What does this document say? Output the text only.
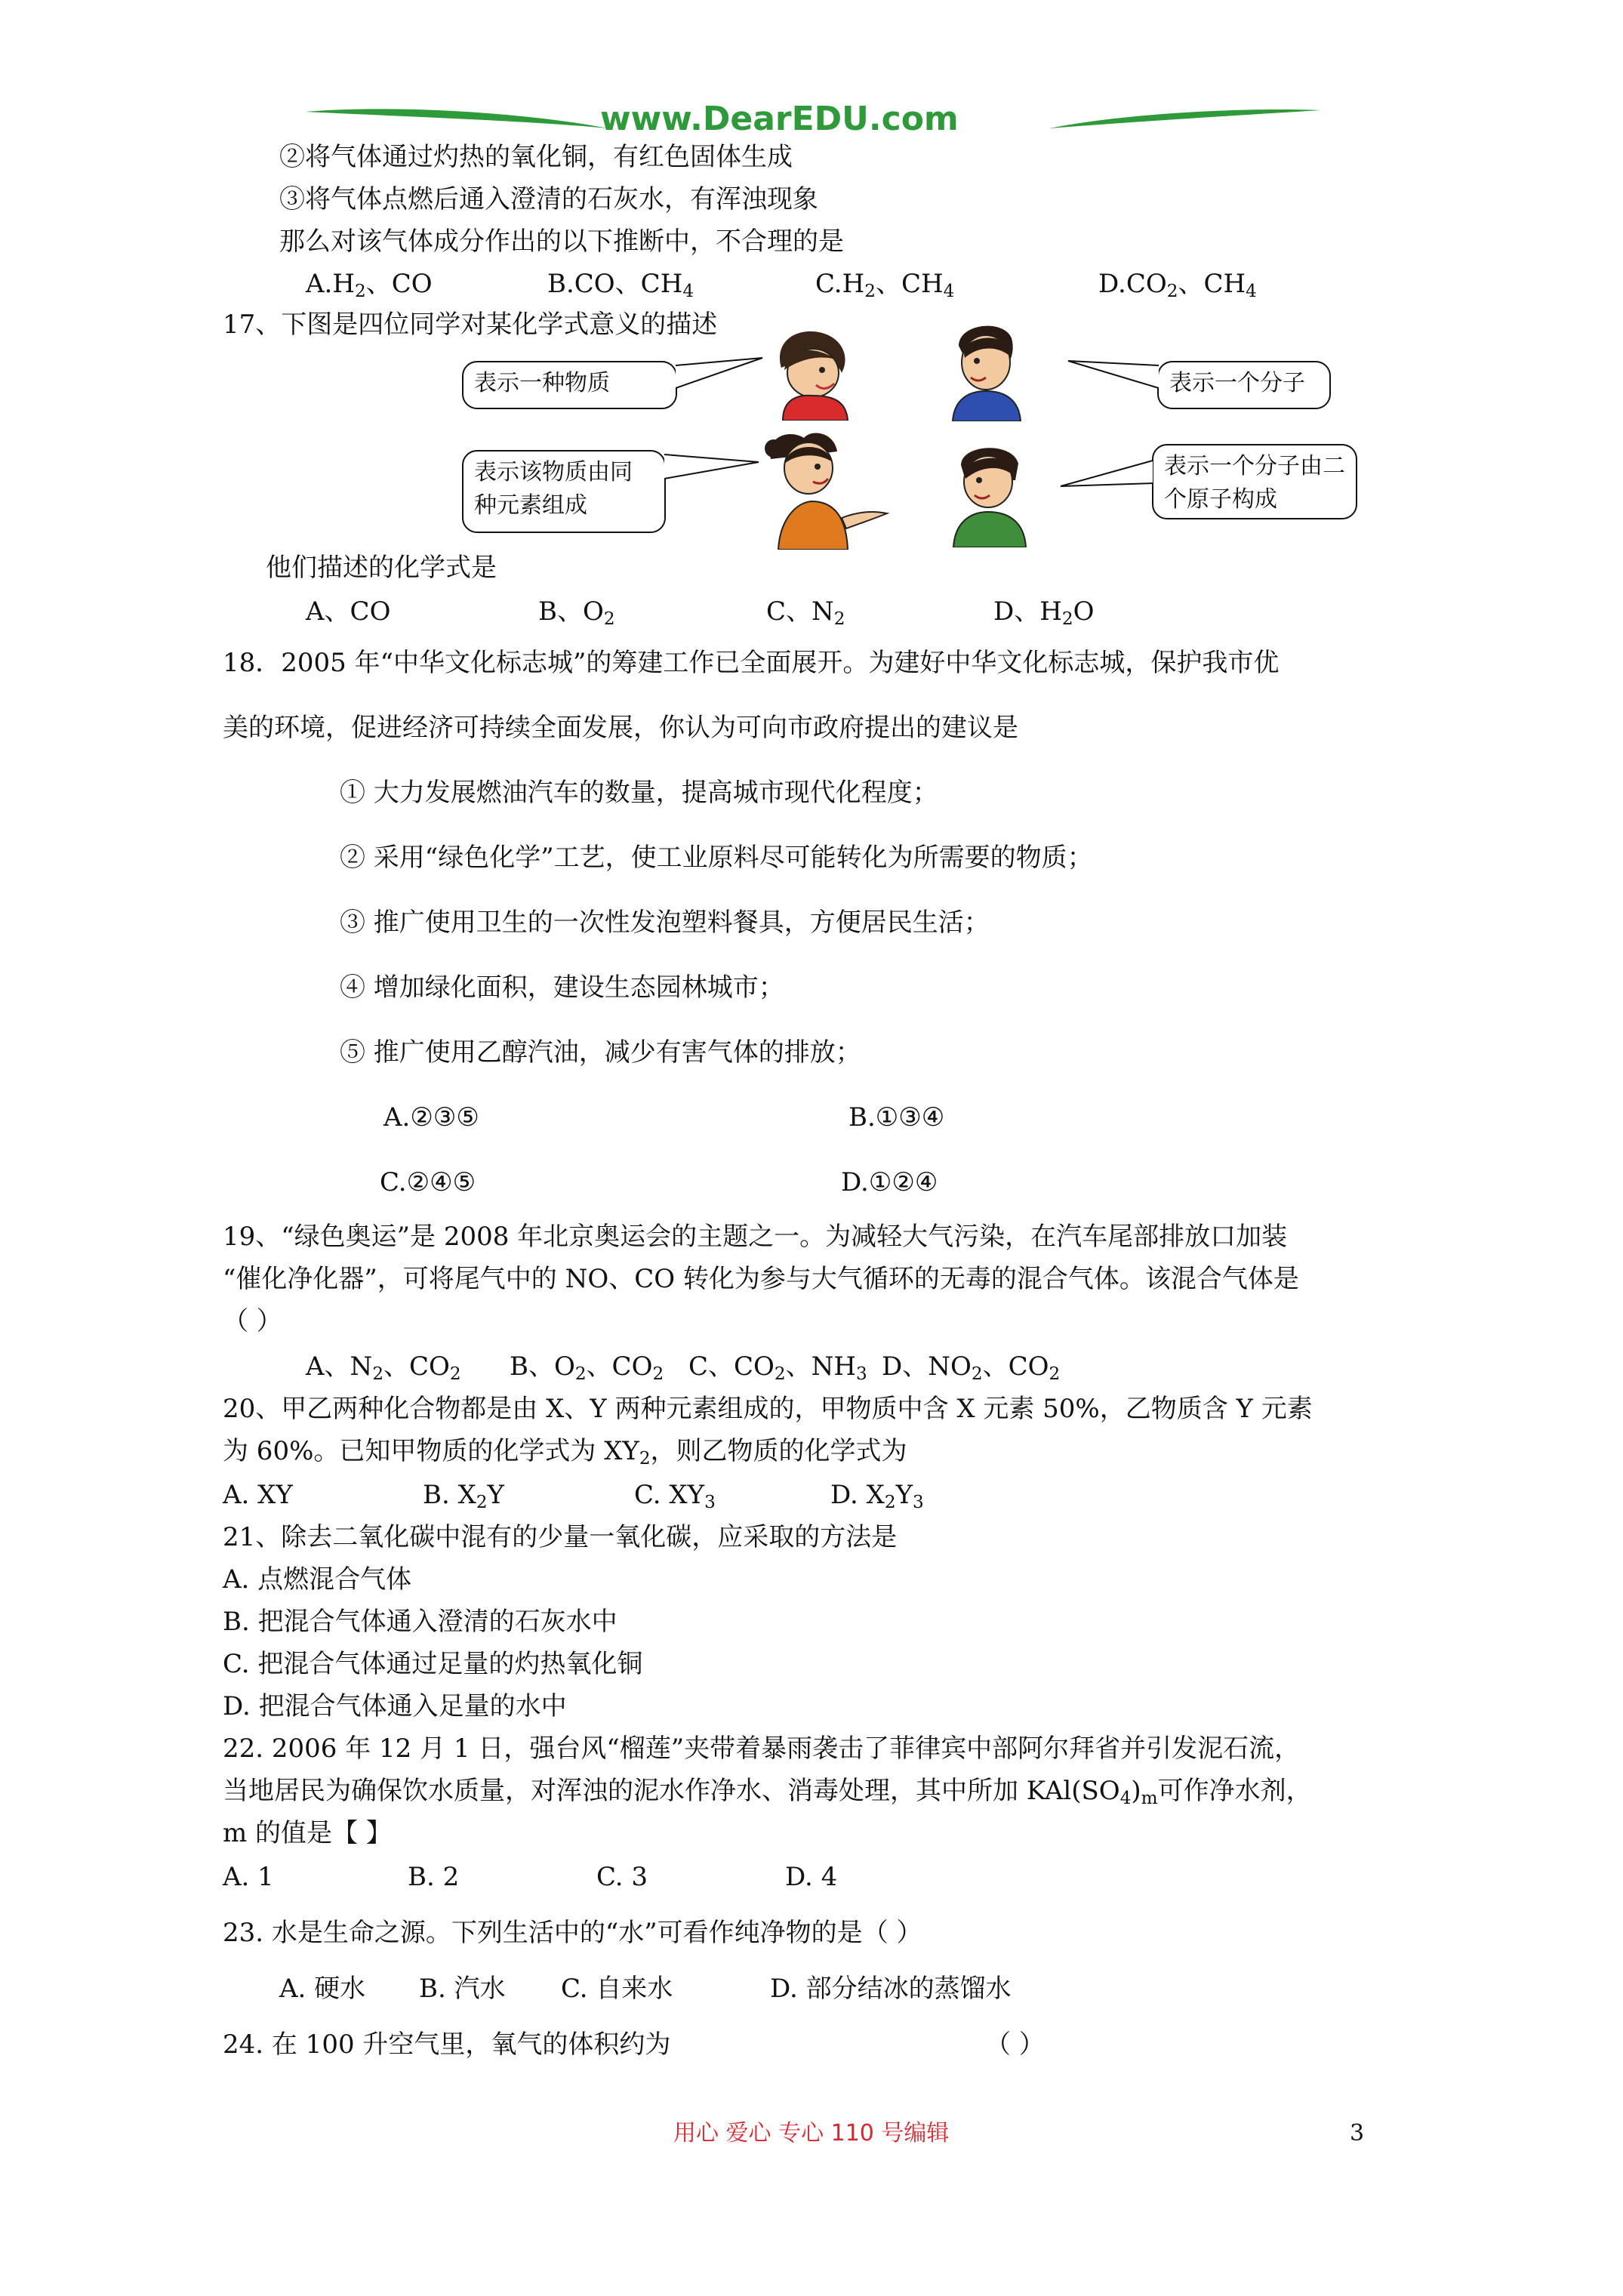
www.DearEDU.com
②将气体通过灼热的氧化铜，有红色固体生成
③将气体点燃后通入澄清的石灰水，有浑浊现象
那么对该气体成分作出的以下推断中，不合理的是
$A.H_2$、CO	B.CO、$CH_4$	$C.H_2$、$CH_4$	$D.CO_2$、$CH_4$
17、下图是四位同学对某化学式意义的描述
表示一种物质	表示一个分子
表示该物质由同种元素组成
表示一个分子由二个原子构成
他们描述的化学式是
A、CO	B、$O_2$	C、$N_2$	D、$H_2O$
18．2005 年“中华文化标志城”的筹建工作已全面展开。为建好中华文化标志城，保护我市优
美的环境，促进经济可持续全面发展，你认为可向市政府提出的建议是
① 大力发展燃油汽车的数量，提高城市现代化程度；
② 采用“绿色化学”工艺，使工业原料尽可能转化为所需要的物质；
③ 推广使用卫生的一次性发泡塑料餐具，方便居民生活；
④ 增加绿化面积，建设生态园林城市；
⑤ 推广使用乙醇汽油，减少有害气体的排放；
A.②③⑤	B.①③④
C.②④⑤	D.①②④
19、“绿色奥运”是 2008 年北京奥运会的主题之一。为减轻大气污染，在汽车尾部排放口加装
“催化净化器”，可将尾气中的 NO、CO 转化为参与大气循环的无毒的混合气体。该混合气体是
（ ）
A、$N_2$、$CO_2$ B、$O_2$、$CO_2$ C、$CO_2$、$NH_3$ D、$NO_2$、$CO_2$
20、甲乙两种化合物都是由 X、Y 两种元素组成的，甲物质中含 X 元素 50%，乙物质含 Y 元素
为 60%。已知甲物质的化学式为 $XY_2$，则乙物质的化学式为
A. XY	B. $X_2Y$	C. $XY_3$	D. $X_2Y_3$
21、除去二氧化碳中混有的少量一氧化碳，应采取的方法是
A. 点燃混合气体
B. 把混合气体通入澄清的石灰水中
C. 把混合气体通过足量的灼热氧化铜
D. 把混合气体通入足量的水中
22. 2006 年 12 月 1 日，强台风“榴莲”夹带着暴雨袭击了菲律宾中部阿尔拜省并引发泥石流，
当地居民为确保饮水质量，对浑浊的泥水作净水、消毒处理，其中所加 $KAl(SO_4)_m$可作净水剂，
m 的值是【 】
A. 1	B. 2	C. 3	D. 4
23. 水是生命之源。下列生活中的“水”可看作纯净物的是（ ）
A. 硬水 B. 汽水 C. 自来水	D. 部分结冰的蒸馏水
24. 在 100 升空气里，氧气的体积约为	（ ）
用心 爱心 专心 110 号编辑	3
